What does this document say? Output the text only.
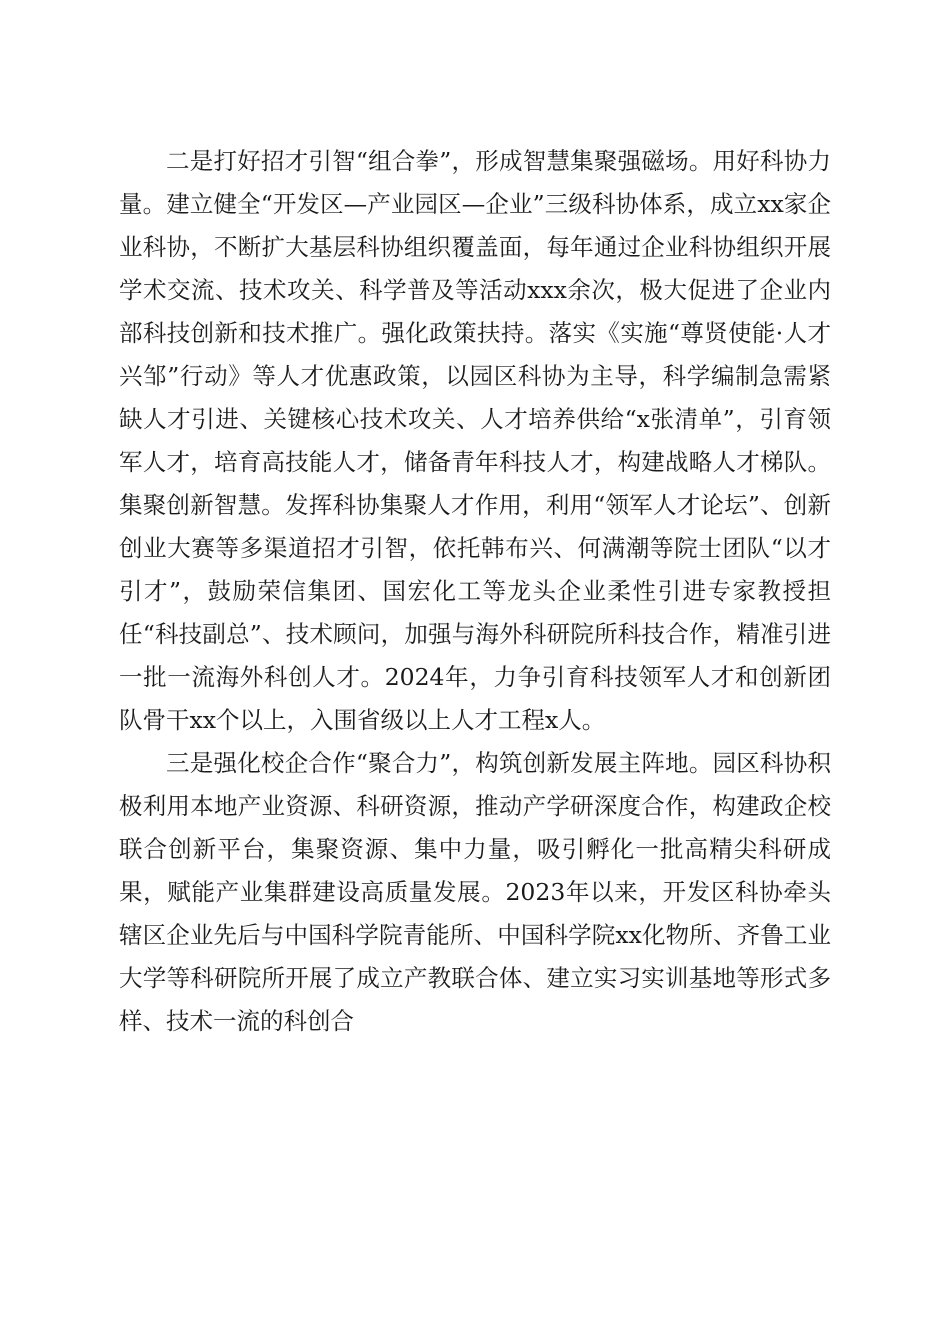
二是打好招才引智“组合拳”，形成智慧集聚强磁场。用好科协力量。建立健全“开发区—产业园区—企业”三级科协体系，成立xx家企业科协，不断扩大基层科协组织覆盖面，每年通过企业科协组织开展学术交流、技术攻关、科学普及等活动xxx余次，极大促进了企业内部科技创新和技术推广。强化政策扶持。落实《实施“尊贤使能·人才兴邹”行动》等人才优惠政策，以园区科协为主导，科学编制急需紧缺人才引进、关键核心技术攻关、人才培养供给“x张清单”，引育领军人才，培育高技能人才，储备青年科技人才，构建战略人才梯队。集聚创新智慧。发挥科协集聚人才作用，利用“领军人才论坛”、创新创业大赛等多渠道招才引智，依托韩布兴、何满潮等院士团队“以才引才”，鼓励荣信集团、国宏化工等龙头企业柔性引进专家教授担任“科技副总”、技术顾问，加强与海外科研院所科技合作，精准引进一批一流海外科创人才。2024年，力争引育科技领军人才和创新团队骨干xx个以上，入围省级以上人才工程x人。

三是强化校企合作“聚合力”，构筑创新发展主阵地。园区科协积极利用本地产业资源、科研资源，推动产学研深度合作，构建政企校联合创新平台，集聚资源、集中力量，吸引孵化一批高精尖科研成果，赋能产业集群建设高质量发展。2023年以来，开发区科协牵头辖区企业先后与中国科学院青能所、中国科学院xx化物所、齐鲁工业大学等科研院所开展了成立产教联合体、建立实习实训基地等形式多样、技术一流的科创合
